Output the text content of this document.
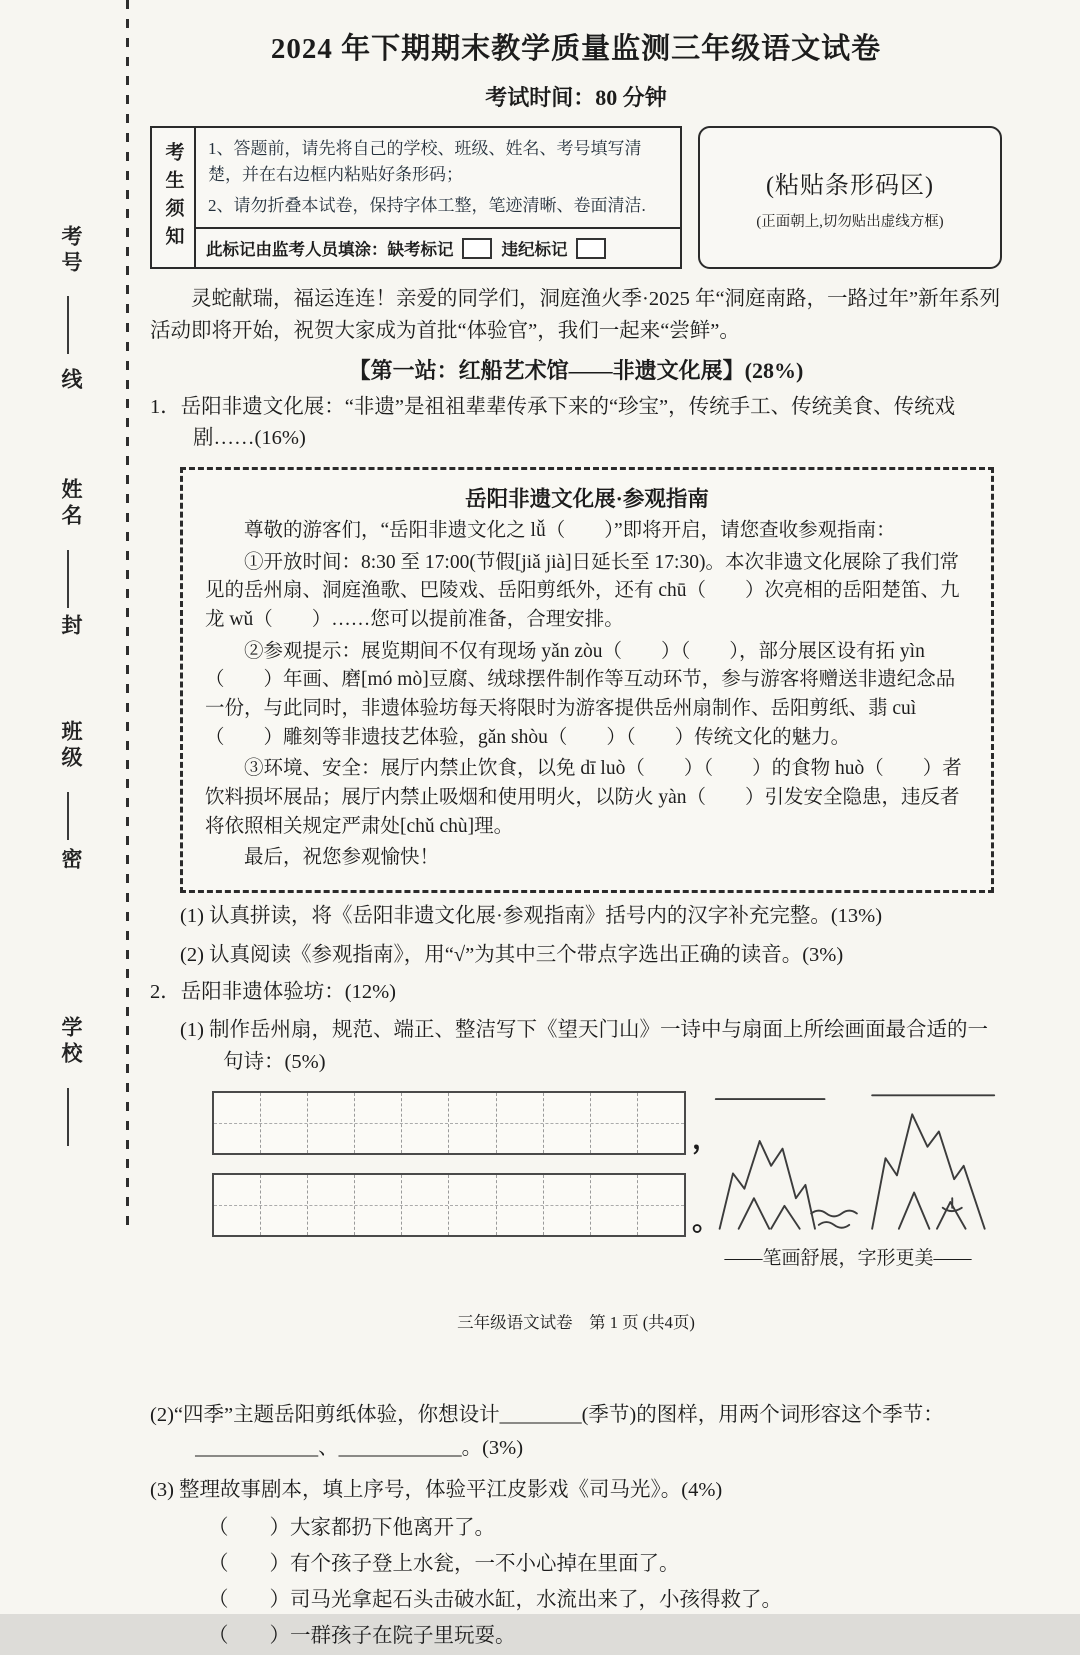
考号
线
姓名
封
班级
密
学校
2024 年下期期末教学质量监测三年级语文试卷
考试时间：80 分钟
考生须知	1、答题前，请先将自己的学校、班级、姓名、考号填写清楚，并在右边框内粘贴好条形码；

2、请勿折叠本试卷，保持字体工整，笔迹清晰、卷面清洁.

此标记由监考人员填涂： 缺考标记	违纪标记
(粘贴条形码区)
(正面朝上,切勿贴出虚线方框)
灵蛇献瑞，福运连连！亲爱的同学们，洞庭渔火季·2025 年“洞庭南路，一路过年”新年系列活动即将开始，祝贺大家成为首批“体验官”，我们一起来“尝鲜”。
【第一站：红船艺术馆——非遗文化展】(28%)
1．岳阳非遗文化展：“非遗”是祖祖辈辈传承下来的“珍宝”，传统手工、传统美食、传统戏剧……(16%)
岳阳非遗文化展·参观指南

尊敬的游客们，“岳阳非遗文化之 lǚ（　　）”即将开启，请您查收参观指南：

①开放时间：8:30 至 17:00(节假[jiǎ jià]日延长至 17:30)。本次非遗文化展除了我们常见的岳州扇、洞庭渔歌、巴陵戏、岳阳剪纸外，还有 chū（　　）次亮相的岳阳楚笛、九龙 wǔ（　　）……您可以提前准备，合理安排。

②参观提示：展览期间不仅有现场 yǎn zòu（　　）（　　），部分展区设有拓 yìn（　　）年画、磨[mó mò]豆腐、绒球摆件制作等互动环节，参与游客将赠送非遗纪念品一份，与此同时，非遗体验坊每天将限时为游客提供岳州扇制作、岳阳剪纸、翡 cuì（　　）雕刻等非遗技艺体验，gǎn shòu（　　）（　　）传统文化的魅力。

③环境、安全：展厅内禁止饮食，以免 dī luò（　　）（　　）的食物 huò（　　）者饮料损坏展品；展厅内禁止吸烟和使用明火，以防火 yàn（　　）引发安全隐患，违反者将依照相关规定严肃处[chǔ chù]理。

最后，祝您参观愉快！

(1) 认真拼读，将《岳阳非遗文化展·参观指南》括号内的汉字补充完整。(13%)
(2) 认真阅读《参观指南》，用“√”为其中三个带点字选出正确的读音。(3%)
2．岳阳非遗体验坊：(12%)
(1) 制作岳州扇，规范、端正、整洁写下《望天门山》一诗中与扇面上所绘画面最合适的一句诗：(5%)
，
。
——笔画舒展，字形更美——
三年级语文试卷　第 1 页 (共4页)
(2)“四季”主题岳阳剪纸体验，你想设计________(季节)的图样，用两个词形容这个季节：
____________、____________。(3%)
(3) 整理故事剧本，填上序号，体验平江皮影戏《司马光》。(4%)
（　　）大家都扔下他离开了。
（　　）有个孩子登上水瓮，一不小心掉在里面了。
（　　）司马光拿起石头击破水缸，水流出来了，小孩得救了。
（　　）一群孩子在院子里玩耍。
